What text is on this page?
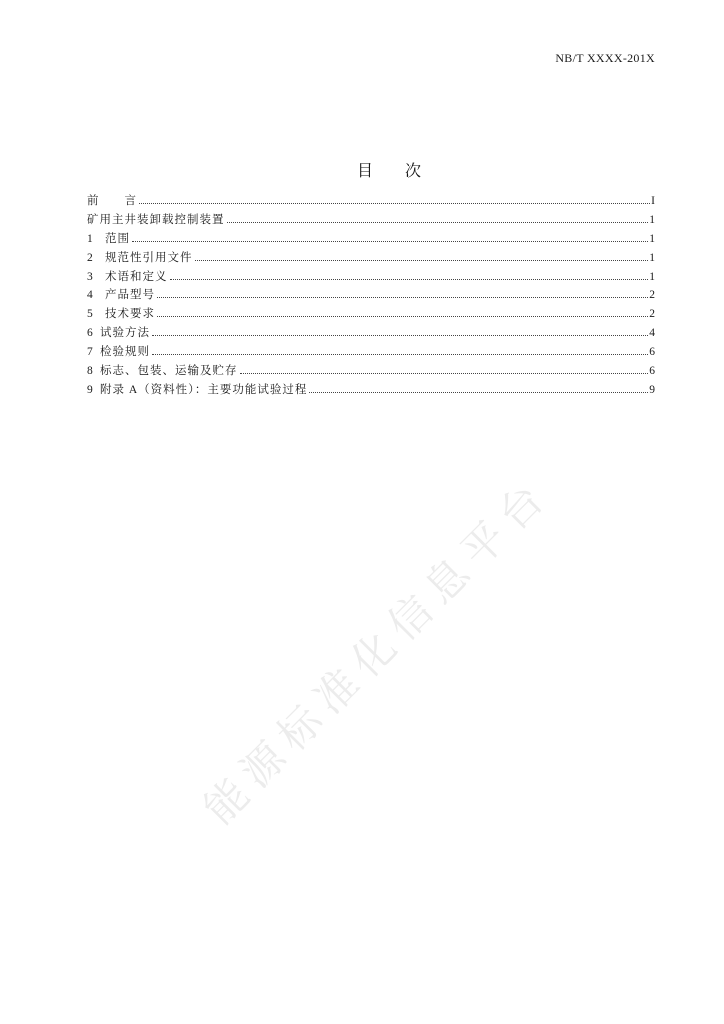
能源标准化信息平台
NB/T XXXX-201X
目　　次
前　　言	I
矿用主井装卸载控制装置	1
1	范围	1
2	规范性引用文件	1
3	术语和定义	1
4	产品型号	2
5	技术要求	2
6 试验方法	4
7 检验规则	6
8 标志、包装、运输及贮存	6
9 附录 A（资料性）：主要功能试验过程	9
